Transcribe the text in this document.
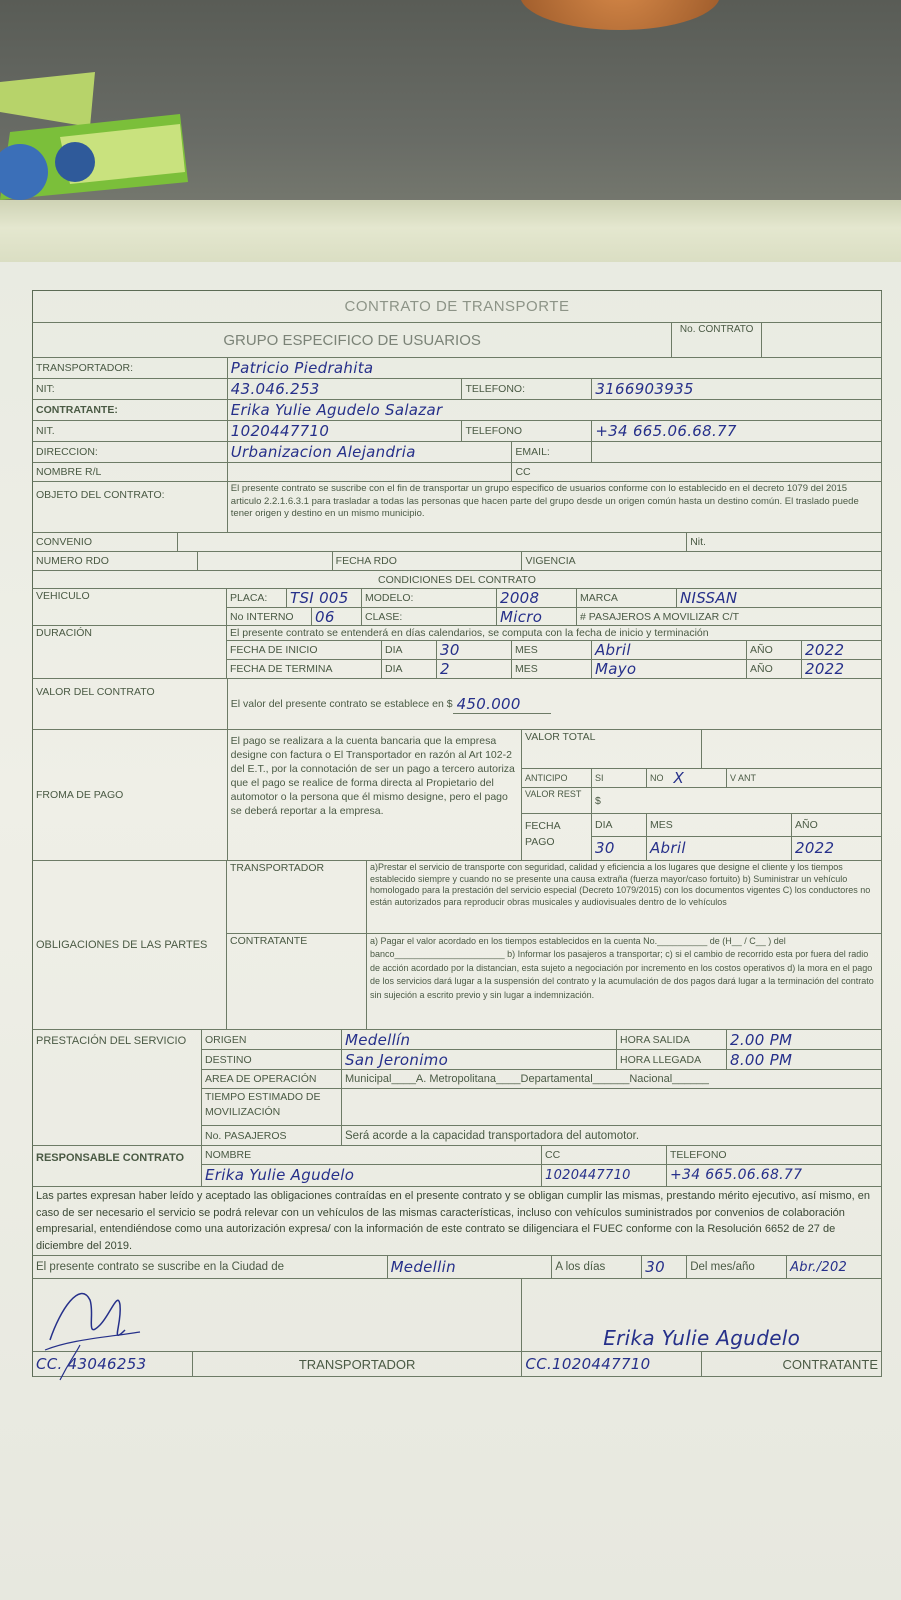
CONTRATO DE TRANSPORTE
GRUPO ESPECIFICO DE USUARIOS
No. CONTRATO
TRANSPORTADOR:	Patricio Piedrahita
NIT:	43.046.253	TELEFONO:	3166903935
CONTRATANTE:	Erika Yulie Agudelo Salazar
NIT.	1020447710	TELEFONO	+34 665.06.68.77
DIRECCION:	Urbanizacion Alejandria	EMAIL:
NOMBRE R/L	CC
OBJETO DEL CONTRATO:
El presente contrato se suscribe con el fin de transportar un grupo especifico de usuarios conforme con lo establecido en el decreto 1079 del 2015 articulo 2.2.1.6.3.1 para trasladar a todas las personas que hacen parte del grupo desde un origen común hasta un destino común. El traslado puede tener origen y destino en un mismo municipio.
CONVENIO	Nit.
NUMERO RDO	FECHA RDO	VIGENCIA
CONDICIONES DEL CONTRATO
VEHICULO	PLACA:	TSI 005	MODELO:	2008	MARCA	NISSAN
No INTERNO	06	CLASE:	Micro	# PASAJEROS A MOVILIZAR C/T
DURACIÓN	El presente contrato se entenderá en días calendarios, se computa con la fecha de inicio y terminación
FECHA DE INICIO	DIA	30	MES	Abril	AÑO	2022
FECHA DE TERMINA	DIA	2	MES	Mayo	AÑO	2022
VALOR DEL CONTRATO
El valor del presente contrato se establece en $ 450.000
FROMA DE PAGO
El pago se realizara a la cuenta bancaria que la empresa designe con factura o El Transportador en razón al Art 102-2 del E.T., por la connotación de ser un pago a tercero autoriza que el pago se realice de forma directa al Propietario del automotor o la persona que él mismo designe, pero el pago se deberá reportar a la empresa.
VALOR TOTAL
ANTICIPO	SI	NO X	V ANT
VALOR REST
$
FECHA PAGO
DIA	MES	AÑO
30	Abril	2022
OBLIGACIONES DE LAS PARTES
TRANSPORTADOR	a)Prestar el servicio de transporte con seguridad, calidad y eficiencia a los lugares que designe el cliente y los tiempos establecido siempre y cuando no se presente una causa extraña (fuerza mayor/caso fortuito) b) Suministrar un vehículo homologado para la prestación del servicio especial (Decreto 1079/2015) con los documentos vigentes C) los conductores no están autorizados para reproducir obras musicales y audiovisuales dentro de lo vehículos
CONTRATANTE	a) Pagar el valor acordado en los tiempos establecidos en la cuenta No.__________ de (H__ / C__ ) del banco______________________ b) Informar los pasajeros a transportar; c) si el cambio de recorrido esta por fuera del radio de acción acordado por la distancian, esta sujeto a negociación por incremento en los costos operativos d) la mora en el pago de los servicios dará lugar a la suspensión del contrato y la acumulación de dos pagos dará lugar a la terminación del contrato sin sujeción a escrito previo y sin lugar a indemnización.
PRESTACIÓN DEL SERVICIO	ORIGEN	Medellín	HORA SALIDA	2.00 PM
DESTINO	San Jeronimo	HORA LLEGADA	8.00 PM
AREA DE OPERACIÓN	Municipal____A. Metropolitana____Departamental______Nacional______
TIEMPO ESTIMADO DE MOVILIZACIÓN
No. PASAJEROS	Será acorde a la capacidad transportadora del automotor.
RESPONSABLE CONTRATO	NOMBRE	CC	TELEFONO
Erika Yulie Agudelo	1020447710	+34 665.06.68.77
Las partes expresan haber leído y aceptado las obligaciones contraídas en el presente contrato y se obligan cumplir las mismas, prestando mérito ejecutivo, así mismo, en caso de ser necesario el servicio se podrá relevar con un vehículos de las mismas características, incluso con vehículos suministrados por convenios de colaboración empresarial, entendiéndose como una autorización expresa/ con la información de este contrato se diligenciara el FUEC conforme con la Resolución 6652 de 27 de diciembre del 2019.
El presente contrato se suscribe en la Ciudad de	Medellin	A los días	30	Del mes/año	Abr./202
Erika Yulie Agudelo
CC. 43046253	TRANSPORTADOR	CC.1020447710	CONTRATANTE
